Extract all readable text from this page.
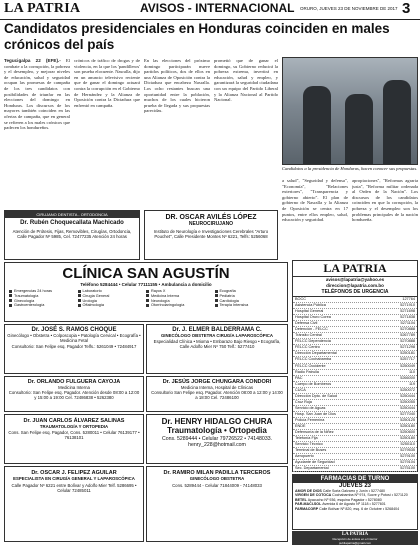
LA PATRIA	AVISOS - INTERNACIONAL ORURO, JUEVES 23 DE NOVIEMBRE DE 2017 3
Candidatos presidenciales en Honduras coinciden en males crónicos del país
Tegucigalpa 22 (EFE).- El combate a la corrupción, la pobreza y el desempleo, y mejorar niveles de educación, salud y seguridad ocupan las promesas de campaña de los tres candidatos con posibilidades de triunfar en las elecciones del domingo en Honduras. Los discursos de los mayores también coinciden en las ofertas de campaña, que en general se refieren a los males crónicos que padecen los hondureños.
crónicos de tráfico de drogas y de violencia, en la que los 'pandilleros' son prueba elocuente. Nasralla, dijo en un anuncio televisivo reciente que de ganar el domingo actuará contra la corrupción en el Gobierno de Hernández y la Alianza de Oposición contra la Dictadura que enfrentó en campaña.
En las elecciones del próximo domingo participarán nueve partidos políticos, dos de ellos en una Alianza de Oposición contra la Dictadura que encabeza Nasralla. Los ocho restantes buscan una oportunidad entre la población, muchos de los cuales hicieron prueba de llegada y sus propuestas parecidas.
prometió que de ganar el domingo, su Gobierno reducirá la pobreza extrema, invertirá en educación, salud y empleo, y garantizará la seguridad ciudadana con un equipo del Partido Liberal y la Alianza Nacional al Partido Nacional.
Candidatos a la presidencia de Honduras, hacen conocer sus propuestas.
a salud", "Seguridad y defensa", "Economía", "Relaciones exteriores", "Transparencia y gobierno abierto". El plan de gobierno de Nasralla y la Alianza de Oposición se centra en 17 puntos, entre ellos empleo, salud, educación y seguridad.
apropiaciones", "Reformas agraria justa", "Reforma militar ordenada al Orden de la Nación". Los discursos de los candidatos coinciden en que la corrupción, la pobreza y el desempleo son los problemas principales de la nación hondureña.
CIRUJANO DENTISTA - ORTODONCIA
Dr. Rubén Choquecallata Machicado
Atención de Prótesis, Fijas, Removibles, Cirugías, Ortodoncia, Calle Pagador Nº 5985, Cel. 72477235 Atención 24 horas
DR. OSCAR AVILÉS LÓPEZ
NEUROCIRUJANO
Instituto de Neurología e Investigaciones Cerebrales "Arturo Pouchet", Calle Presidente Montes Nº 6221, Telfs: 5256068
CLÍNICA SAN AGUSTÍN
Teléfono 5284444 • Celular 77111155 • Ambulancia a domicilio
Emergencias 24 horas	Laboratorio	Rayos X	Ecografía
Traumatología	Cirugía General	Medicina Interna	Pediatría
Ginecología	Urología	Neurología	Cardiología
Gastroenterología	Oftalmología	Otorrinolaringología	Terapia Intensiva
Dr. JOSÉ S. RAMOS CHOQUE
Ginecólogo • Obstetra • Colposcopia • Patología Cervical • Ecografía • Medicina Fetal
Consultorio: San Felipe esq. Pagador Telfs.: 5261049 • 72484917
Dr. J. ELMER BALDERRAMA C.
GINECÓLOGO OBSTETRA CIRUGÍA LAPAROSCÓPICA
Especialidad Clínica • Mioma • Embarazo Bajo Riesgo • Ecografía, Calle Adolfo Mier Nº 750 Telf.: 5277410
Dr. ORLANDO FULGUERA CAYOJA
Medicina Interna
Consultorio: San Felipe esq. Pagador. Atención desde 08:00 a 12:00 y 15:00 a 19:00 Cel. 72486838 • 5262380
Dr. JESÚS JORGE CHUNGARA CONDORI
Medicina Interna, Hospital de Clínicas
Consultorio San Felipe esq. Pagador. Atención 08:00 a 12:00 y 14:00 a 18:00 Cel. 72486100
Dr. JUAN CARLOS ÁLVAREZ SALINAS
TRAUMATOLOGÍA Y ORTOPEDIA
Cons. San Felipe esq. Pagador, Cons. 5280011 • Celular 76139177 • 76138101
Dr. HENRY HIDALGO CHURA
Traumatología • Ortopedia
Cons. 5289444 • Celular 79726522 • 74148033. henry_228@hotmail.com
Dr. OSCAR J. FELIPEZ AGUILAR
ESPECIALISTA EN CIRUGÍA GENERAL Y LAPAROSCÓPICA
Calle Pagador Nº 6221 entre Bolívar y Adolfo Mier Telf. 5286695 • Celular 72485011
Dr. RAMIRO MILAN PADILLA TERCEROS
GINECÓLOGO OBSTETRA
Cons. 5289444 - Celular 71844009 - 74148033
LA PATRIA
avisos@lapatria@yahoo.es
direccion@lapatria.com.bo
TELÉFONOS DE URGENCIA
BOCC	127764
Asistencia Pública	5271910
Hospital General	5271698
Hospital Oruro Corea	5271838
Defensa Civil	5271104
Detención - FELCC	5270888
Tránsito Central	5267789
FELCC Dependencia	5270888
FELCC Centro	5271298
Dirección Departamental	5250181
FELCC Cochabamba	5257717
FELCC Occidente	5250049
Radio Patrulla	110
PAC	5266000
Cuerpo de Bomberos	119
CUCA	5250072
Dirección Dpto. de Salud	5250444
Cruz Roja	5250055
Servicio de Aguas	5250444
Hosp. San Juan de Dios	5277040
Policía Femenina	5250125
ENDE	5250180
Defensoría de la Niñez	5250600
Telefonía Fija	5250180
Servicio Técnico	5250110
Terminal de Buses	5279535
Aeropuerto	5279100
Ayudante de Seguridad	5279104
Sec. Departamental	5275100
FARMACIAS DE TURNO
JUEVES 23
AMOR DE DIOS Calle Soria Galvarro y Junín • 5277480
VIRGEN DE COTOCA Cochabamba Nº 974, Sucre y Potosí • 5271120
BETEL Ayacucho Nº 936, esquina Pagador • 5278080
PAR-MACI-SOL Avenida 6 de Agosto Nº 1118 • 5277601
FARMACORP Calle Bolívar Nº 820, esq. 6 de Octubre • 5268404
LA PATRIA
Recepción de avisos en el interior
publiapatria@gmail.com
